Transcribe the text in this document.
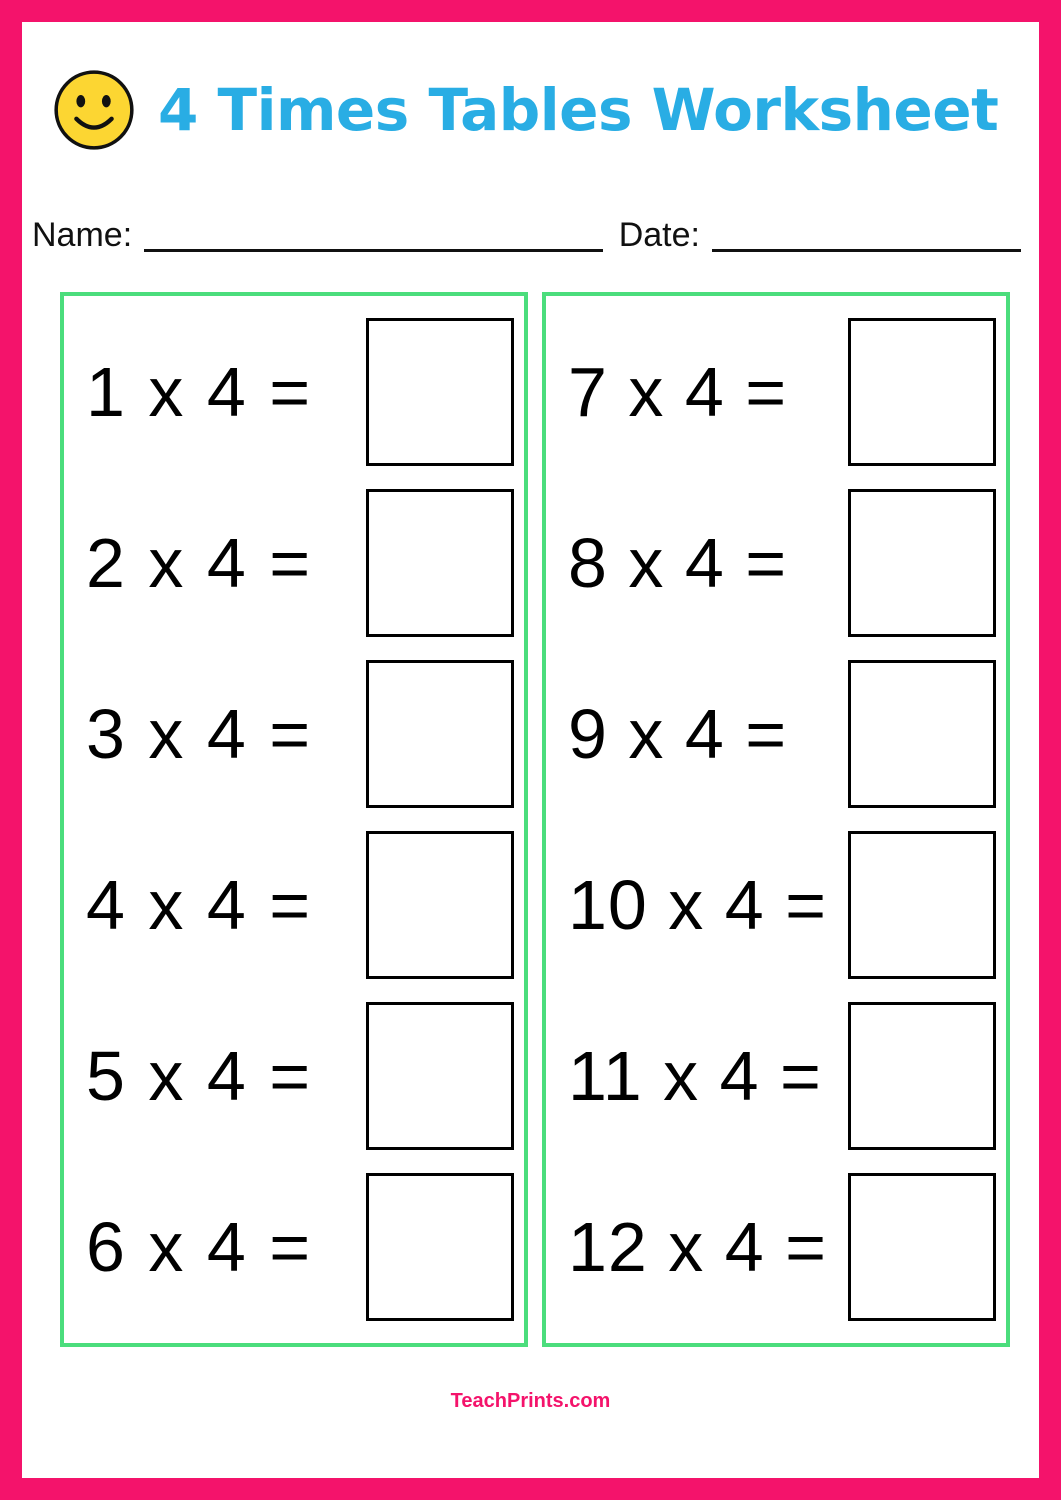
4 Times Tables Worksheet
Name:	Date:
1 x 4 =
2 x 4 =
3 x 4 =
4 x 4 =
5 x 4 =
6 x 4 =
7 x 4 =
8 x 4 =
9 x 4 =
10 x 4 =
11 x 4 =
12 x 4 =
TeachPrints.com
